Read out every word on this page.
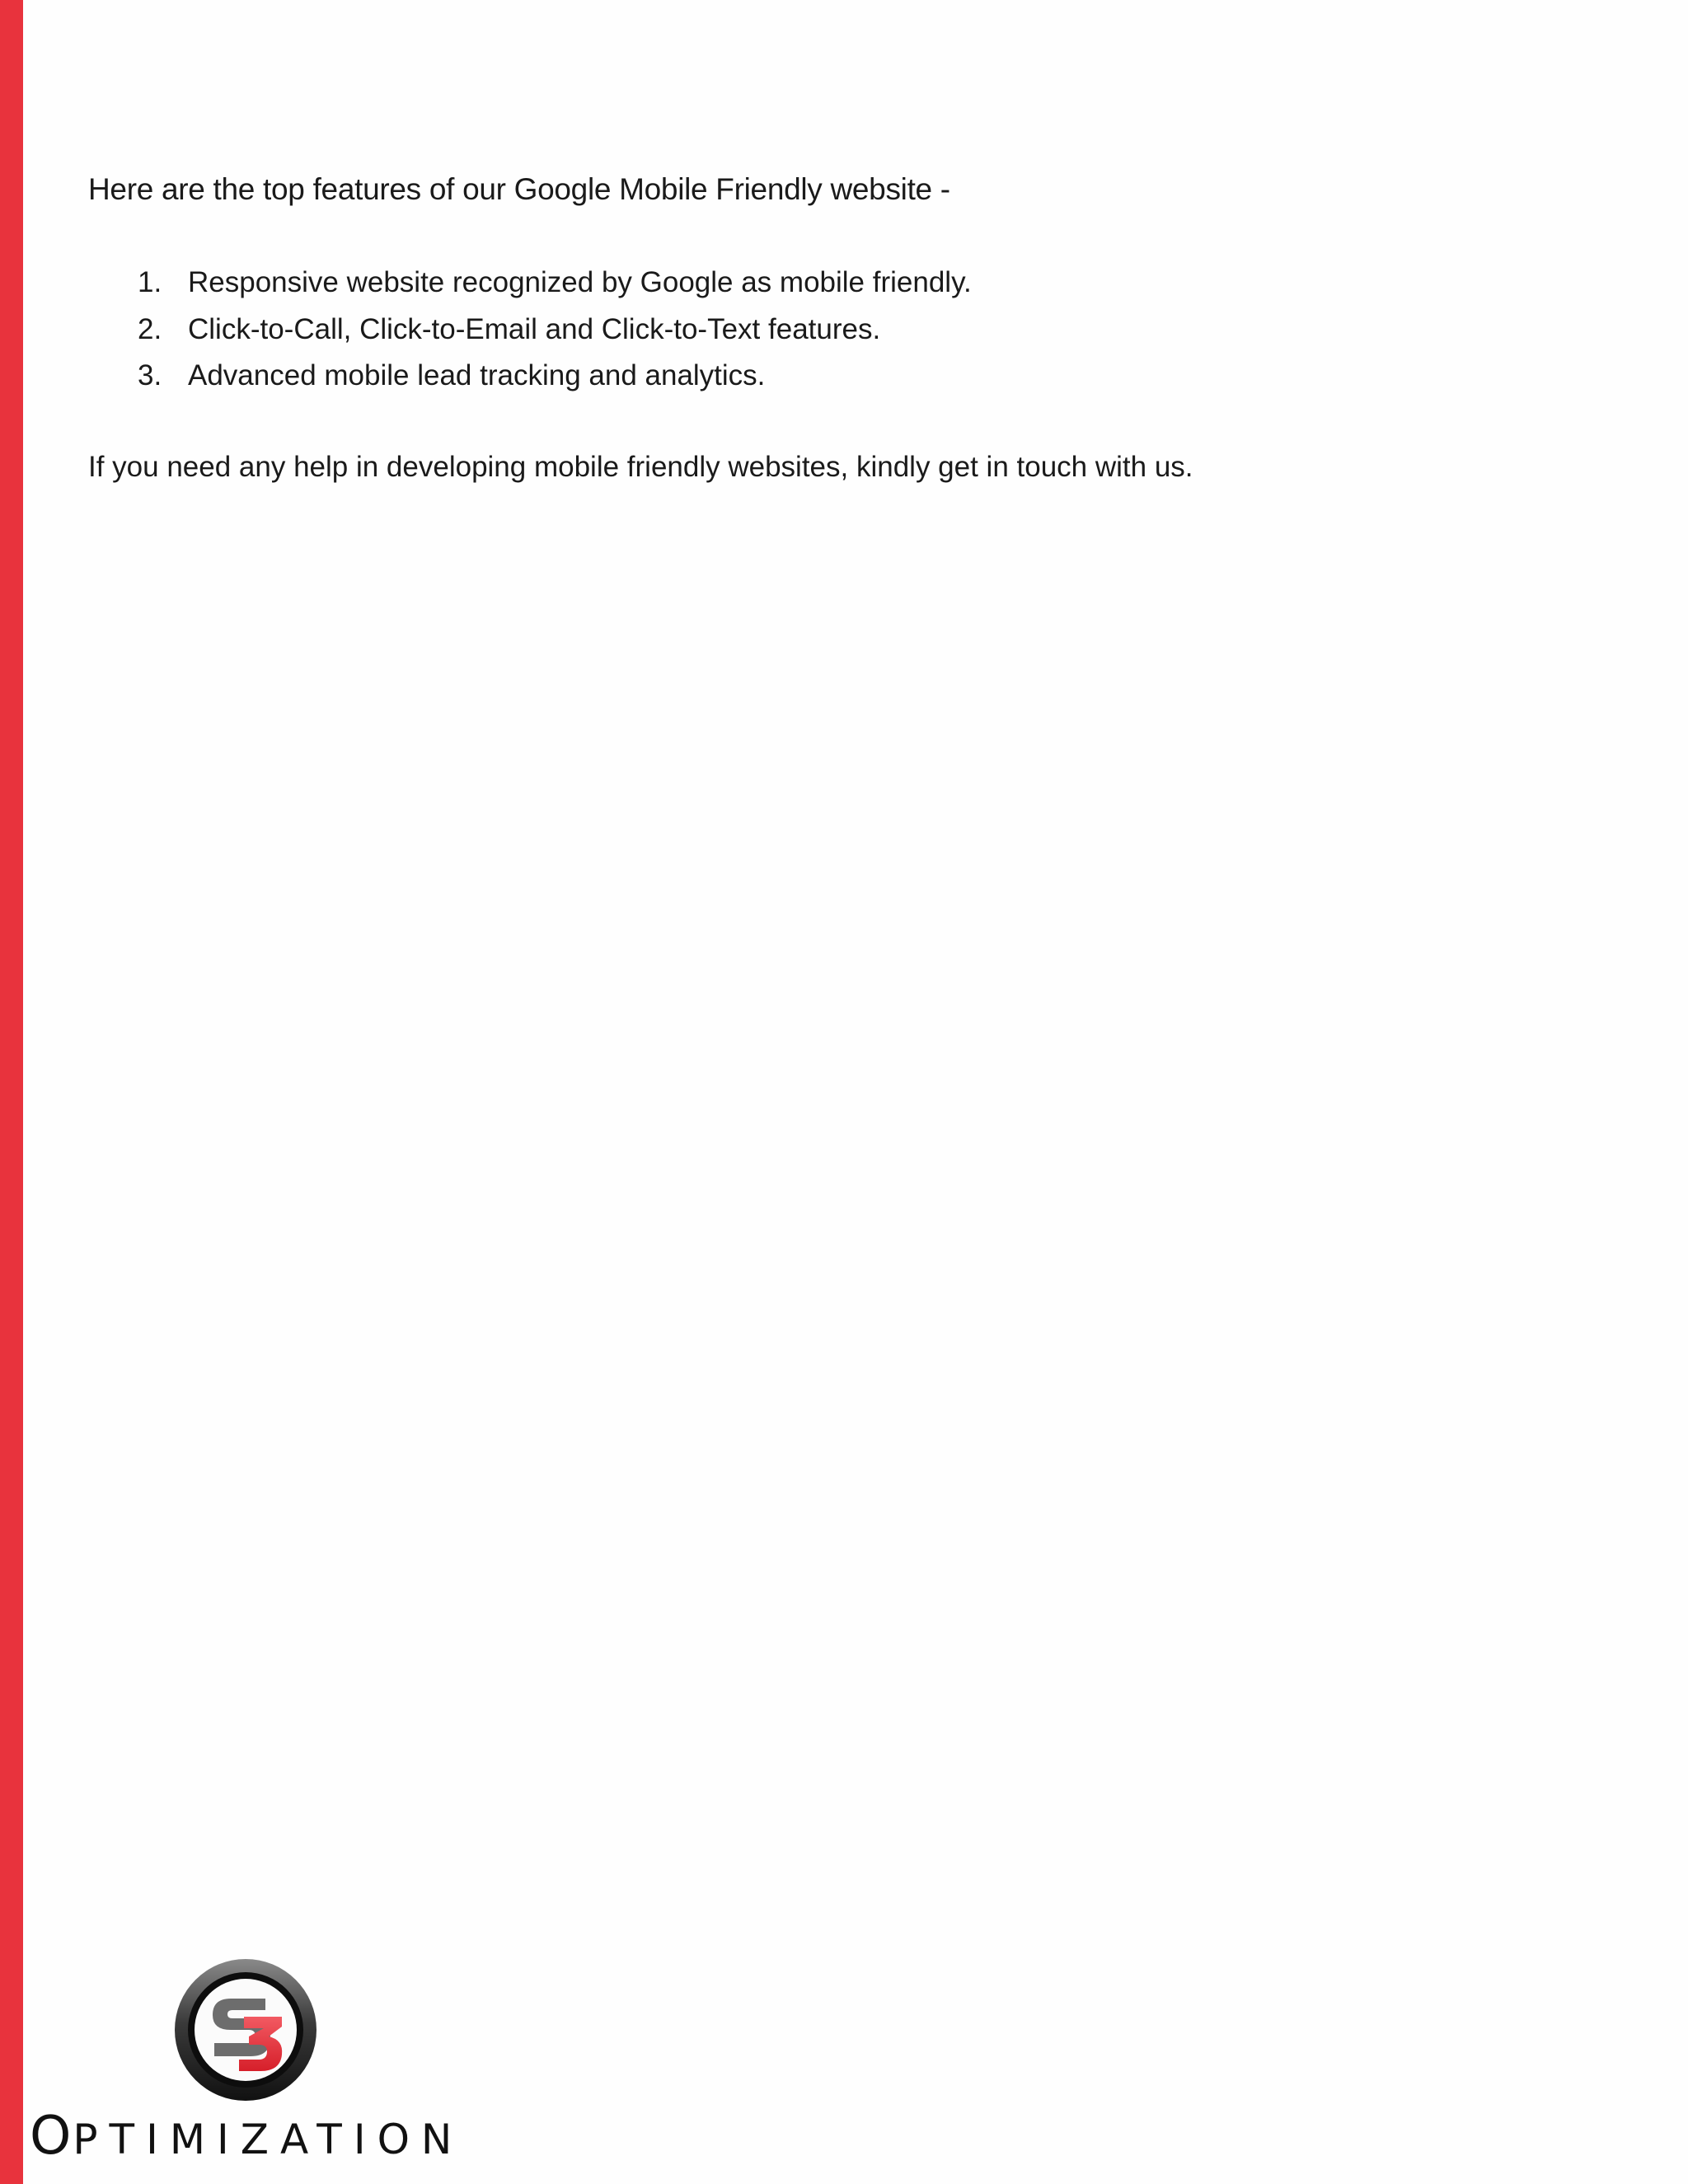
Here are the top features of our Google Mobile Friendly website -

1. Responsive website recognized by Google as mobile friendly.
2. Click-to-Call, Click-to-Email and Click-to-Text features.
3. Advanced mobile lead tracking and analytics.

If you need any help in developing mobile friendly websites, kindly get in touch with us.

OPTIMIZATION
